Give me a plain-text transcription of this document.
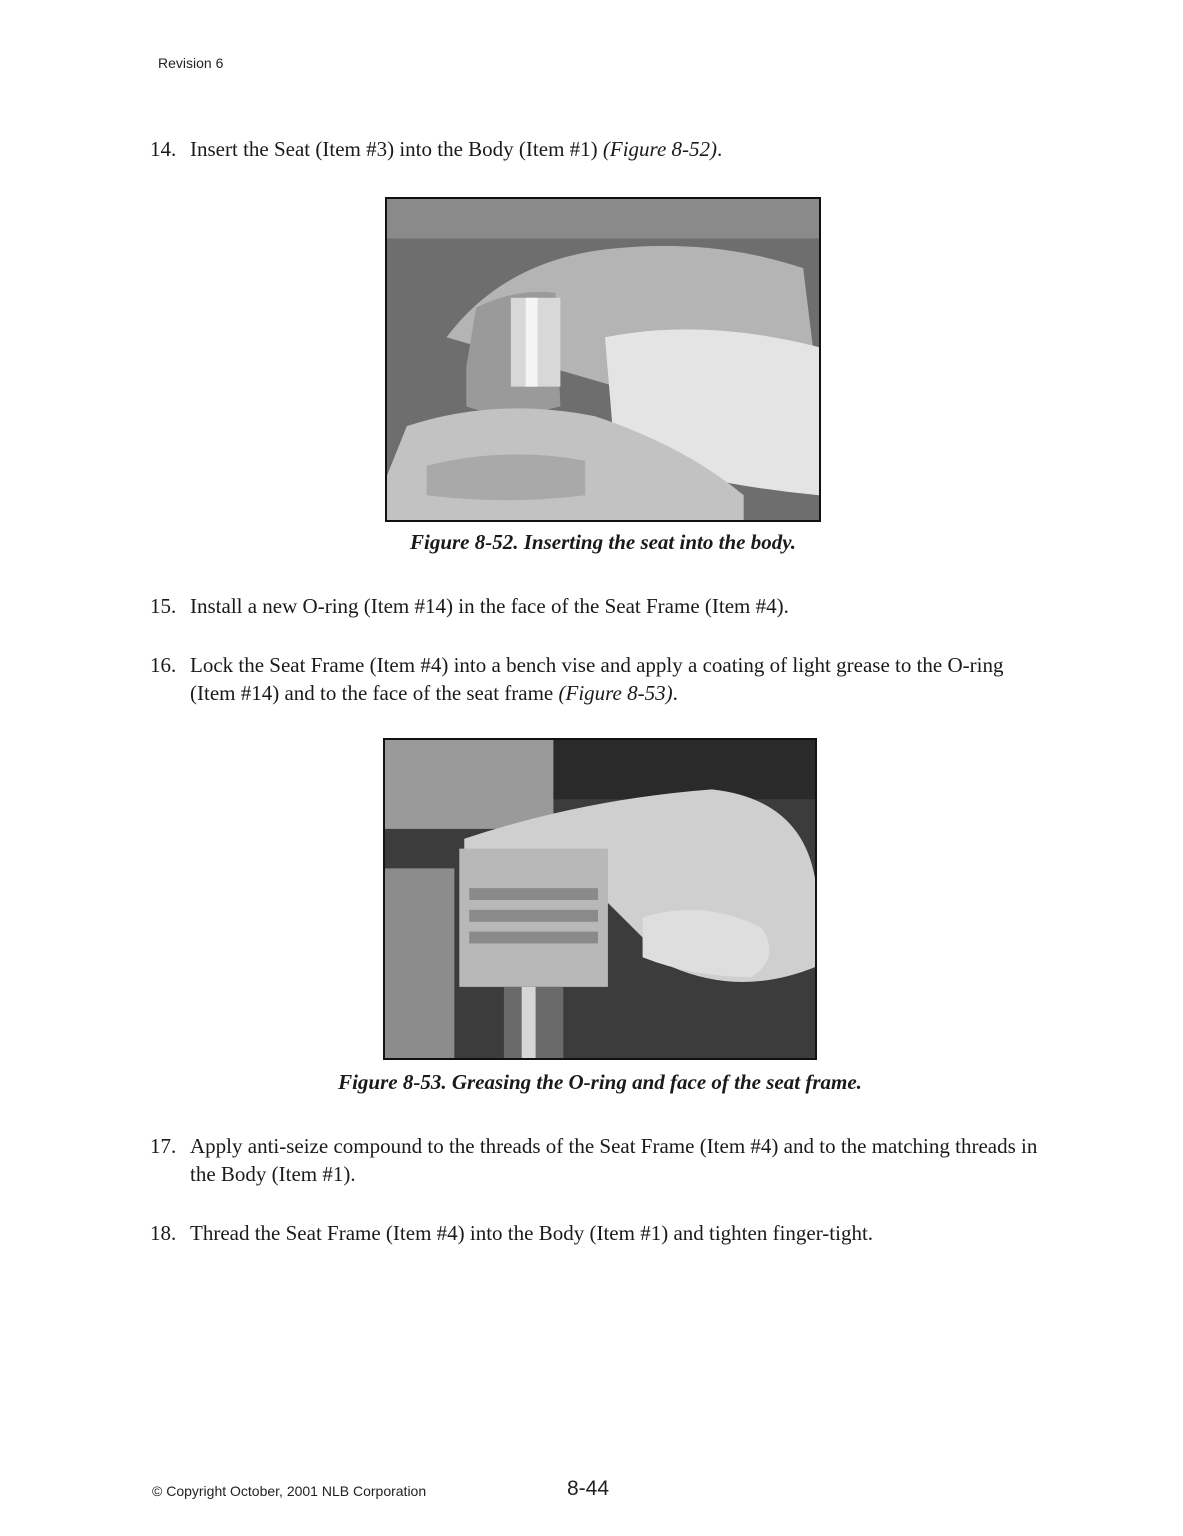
Revision 6
14. Insert the Seat (Item #3) into the Body (Item #1) (Figure 8-52).
Figure 8-52. Inserting the seat into the body.
15. Install a new O-ring (Item #14) in the face of the Seat Frame (Item #4).
16. Lock the Seat Frame (Item #4) into a bench vise and apply a coating of light grease to the O-ring (Item #14) and to the face of the seat frame (Figure 8-53).
Figure 8-53. Greasing the O-ring and face of the seat frame.
17. Apply anti-seize compound to the threads of the Seat Frame (Item #4) and to the matching threads in the Body (Item #1).
18. Thread the Seat Frame (Item #4) into the Body (Item #1) and tighten finger-tight.
© Copyright October, 2001 NLB Corporation	8-44
